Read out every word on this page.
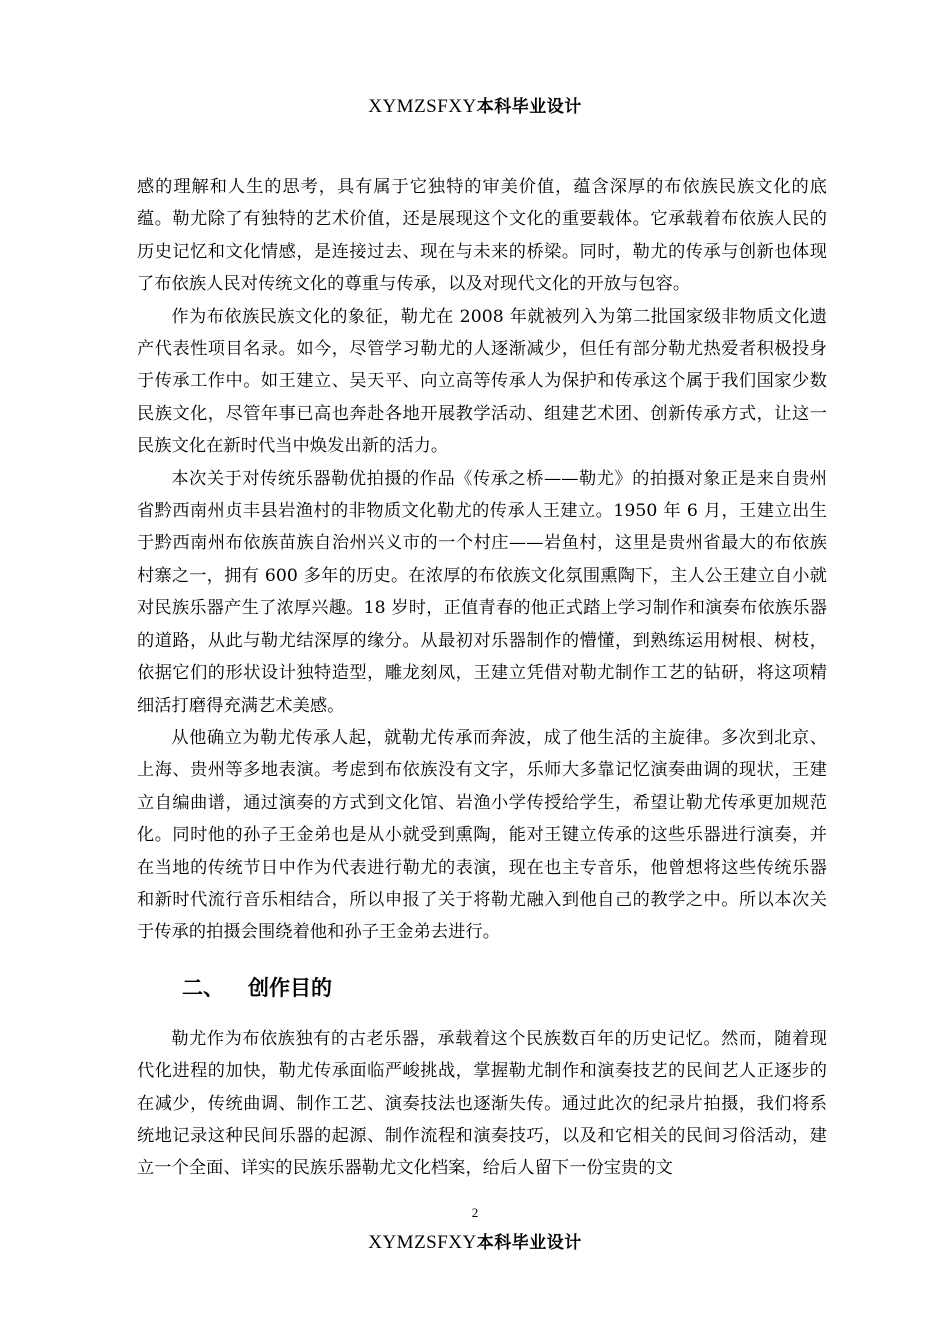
XYMZSFXY本科毕业设计

感的理解和人生的思考，具有属于它独特的审美价值，蕴含深厚的布依族民族文化的底蕴。勒尤除了有独特的艺术价值，还是展现这个文化的重要载体。它承载着布依族人民的历史记忆和文化情感，是连接过去、现在与未来的桥梁。同时，勒尤的传承与创新也体现了布依族人民对传统文化的尊重与传承，以及对现代文化的开放与包容。

作为布依族民族文化的象征，勒尤在 2008 年就被列入为第二批国家级非物质文化遗产代表性项目名录。如今，尽管学习勒尤的人逐渐减少，但任有部分勒尤热爱者积极投身于传承工作中。如王建立、吴天平、向立高等传承人为保护和传承这个属于我们国家少数民族文化，尽管年事已高也奔赴各地开展教学活动、组建艺术团、创新传承方式，让这一民族文化在新时代当中焕发出新的活力。

本次关于对传统乐器勒优拍摄的作品《传承之桥——勒尤》的拍摄对象正是来自贵州省黔西南州贞丰县岩渔村的非物质文化勒尤的传承人王建立。1950 年 6 月，王建立出生于黔西南州布依族苗族自治州兴义市的一个村庄——岩鱼村，这里是贵州省最大的布依族村寨之一，拥有 600 多年的历史。在浓厚的布依族文化氛围熏陶下，主人公王建立自小就对民族乐器产生了浓厚兴趣。18 岁时，正值青春的他正式踏上学习制作和演奏布依族乐器的道路，从此与勒尤结深厚的缘分。从最初对乐器制作的懵懂，到熟练运用树根、树枝，依据它们的形状设计独特造型，雕龙刻凤，王建立凭借对勒尤制作工艺的钻研，将这项精细活打磨得充满艺术美感。

从他确立为勒尤传承人起，就勒尤传承而奔波，成了他生活的主旋律。多次到北京、上海、贵州等多地表演。考虑到布依族没有文字，乐师大多靠记忆演奏曲调的现状，王建立自编曲谱，通过演奏的方式到文化馆、岩渔小学传授给学生，希望让勒尤传承更加规范化。同时他的孙子王金弟也是从小就受到熏陶，能对王键立传承的这些乐器进行演奏，并在当地的传统节日中作为代表进行勒尤的表演，现在也主专音乐，他曾想将这些传统乐器和新时代流行音乐相结合，所以申报了关于将勒尤融入到他自己的教学之中。所以本次关于传承的拍摄会围绕着他和孙子王金弟去进行。

二、 创作目的

勒尤作为布依族独有的古老乐器，承载着这个民族数百年的历史记忆。然而，随着现代化进程的加快，勒尤传承面临严峻挑战，掌握勒尤制作和演奏技艺的民间艺人正逐步的在减少，传统曲调、制作工艺、演奏技法也逐渐失传。通过此次的纪录片拍摄，我们将系统地记录这种民间乐器的起源、制作流程和演奏技巧，以及和它相关的民间习俗活动，建立一个全面、详实的民族乐器勒尤文化档案，给后人留下一份宝贵的文

2
XYMZSFXY本科毕业设计
